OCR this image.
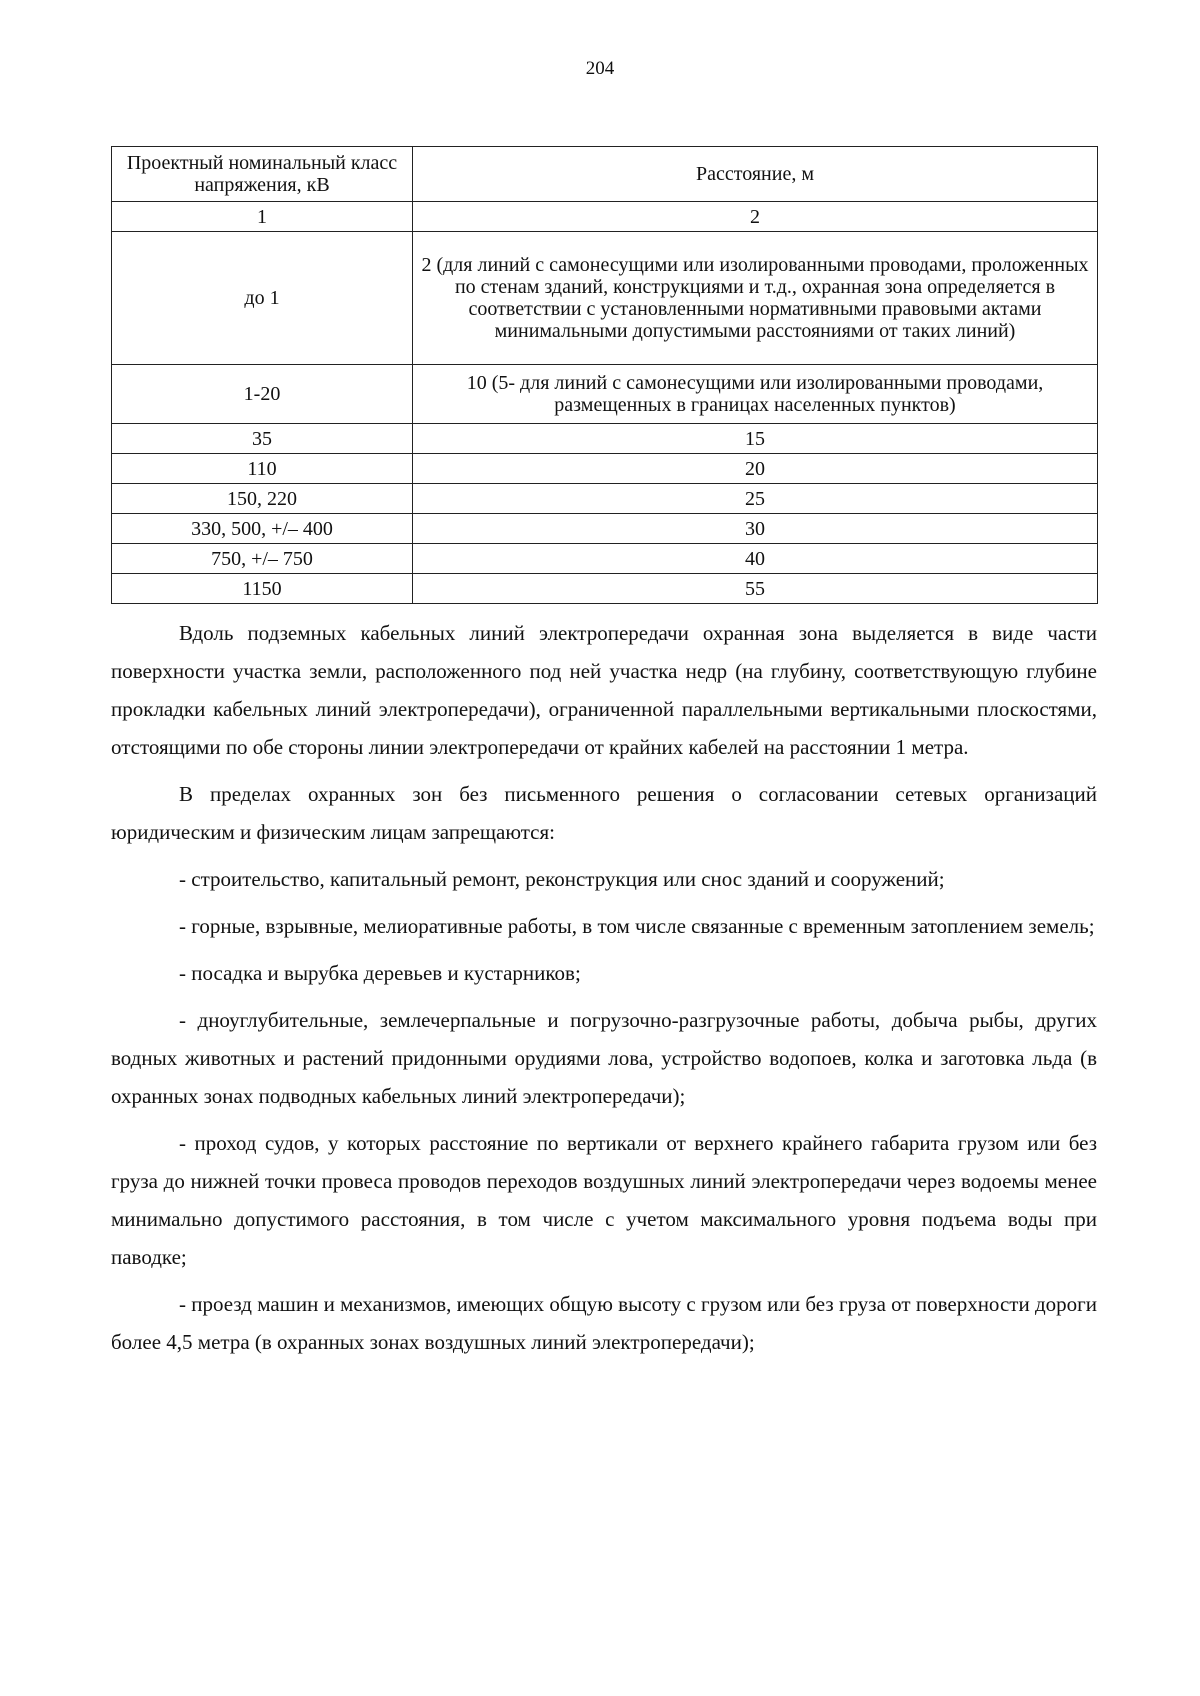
204
Проектный номинальный класс напряжения, кВ	Расстояние, м
1	2
до 1	2 (для линий с самонесущими или изолированными проводами, проложенных по стенам зданий, конструкциями и т.д., охранная зона определяется в соответствии с установленными нормативными правовыми актами минимальными допустимыми расстояниями от таких линий)
1-20	10 (5- для линий с самонесущими или изолированными проводами, размещенных в границах населенных пунктов)
35	15
110	20
150, 220	25
330, 500, +/– 400	30
750, +/– 750	40
1150	55

Вдоль подземных кабельных линий электропередачи охранная зона выделяется в виде части поверхности участка земли, расположенного под ней участка недр (на глубину, соответствующую глубине прокладки кабельных линий электропередачи), ограниченной параллельными вертикальными плоскостями, отстоящими по обе стороны линии электропередачи от крайних кабелей на расстоянии 1 метра.

В пределах охранных зон без письменного решения о согласовании сетевых организаций юридическим и физическим лицам запрещаются:

- строительство, капитальный ремонт, реконструкция или снос зданий и сооружений;

- горные, взрывные, мелиоративные работы, в том числе связанные с временным затоплением земель;

- посадка и вырубка деревьев и кустарников;

- дноуглубительные, землечерпальные и погрузочно-разгрузочные работы, добыча рыбы, других водных животных и растений придонными орудиями лова, устройство водопоев, колка и заготовка льда (в охранных зонах подводных кабельных линий электропередачи);

- проход судов, у которых расстояние по вертикали от верхнего крайнего габарита грузом или без груза до нижней точки провеса проводов переходов воздушных линий электропередачи через водоемы менее минимально допустимого расстояния, в том числе с учетом максимального уровня подъема воды при паводке;

- проезд машин и механизмов, имеющих общую высоту с грузом или без груза от поверхности дороги более 4,5 метра (в охранных зонах воздушных линий электропередачи);
